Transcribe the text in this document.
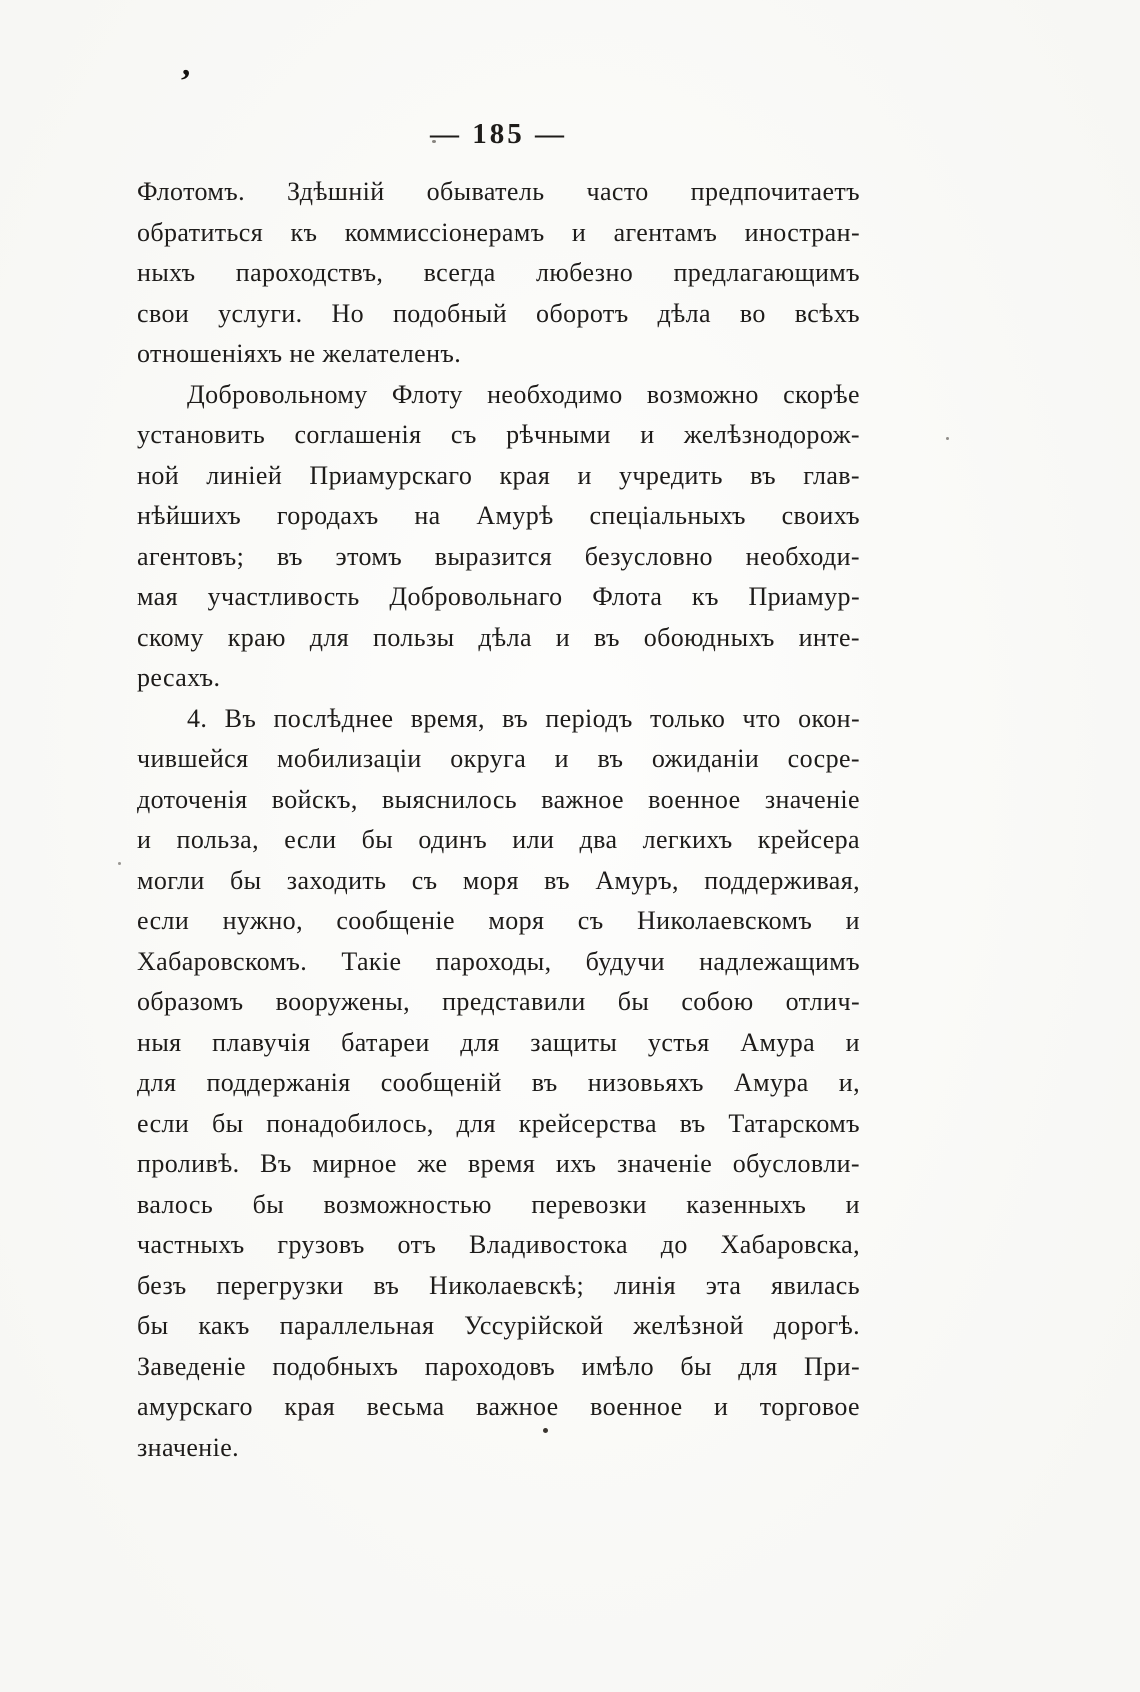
,
— 185 —

Флотомъ. Здѣшній обыватель часто предпочитаетъ
обратиться къ коммиссіонерамъ и агентамъ иностран-
ныхъ пароходствъ, всегда любезно предлагающимъ
свои услуги. Но подобный оборотъ дѣла во всѣхъ
отношеніяхъ не желателенъ.

Добровольному Флоту необходимо возможно скорѣе
установить соглашенія съ рѣчными и желѣзнодорож-
ной линіей Приамурскаго края и учредить въ глав-
нѣйшихъ городахъ на Амурѣ спеціальныхъ своихъ
агентовъ; въ этомъ выразится безусловно необходи-
мая участливость Добровольнаго Флота къ Приамур-
скому краю для пользы дѣла и въ обоюдныхъ инте-
ресахъ.

4. Въ послѣднее время, въ періодъ только что окон-
чившейся мобилизаціи округа и въ ожиданіи сосре-
доточенія войскъ, выяснилось важное военное значеніе
и польза, если бы одинъ или два легкихъ крейсера
могли бы заходить съ моря въ Амуръ, поддерживая,
если нужно, сообщеніе моря съ Николаевскомъ и
Хабаровскомъ. Такіе пароходы, будучи надлежащимъ
образомъ вооружены, представили бы собою отлич-
ныя плавучія батареи для защиты устья Амура и
для поддержанія сообщеній въ низовьяхъ Амура и,
если бы понадобилось, для крейсерства въ Татарскомъ
проливѣ. Въ мирное же время ихъ значеніе обусловли-
валось бы возможностью перевозки казенныхъ и
частныхъ грузовъ отъ Владивостока до Хабаровска,
безъ перегрузки въ Николаевскѣ; линія эта явилась
бы какъ параллельная Уссурійской желѣзной дорогѣ.
Заведеніе подобныхъ пароходовъ имѣло бы для При-
амурскаго края весьма важное военное и торговое
значеніе.
